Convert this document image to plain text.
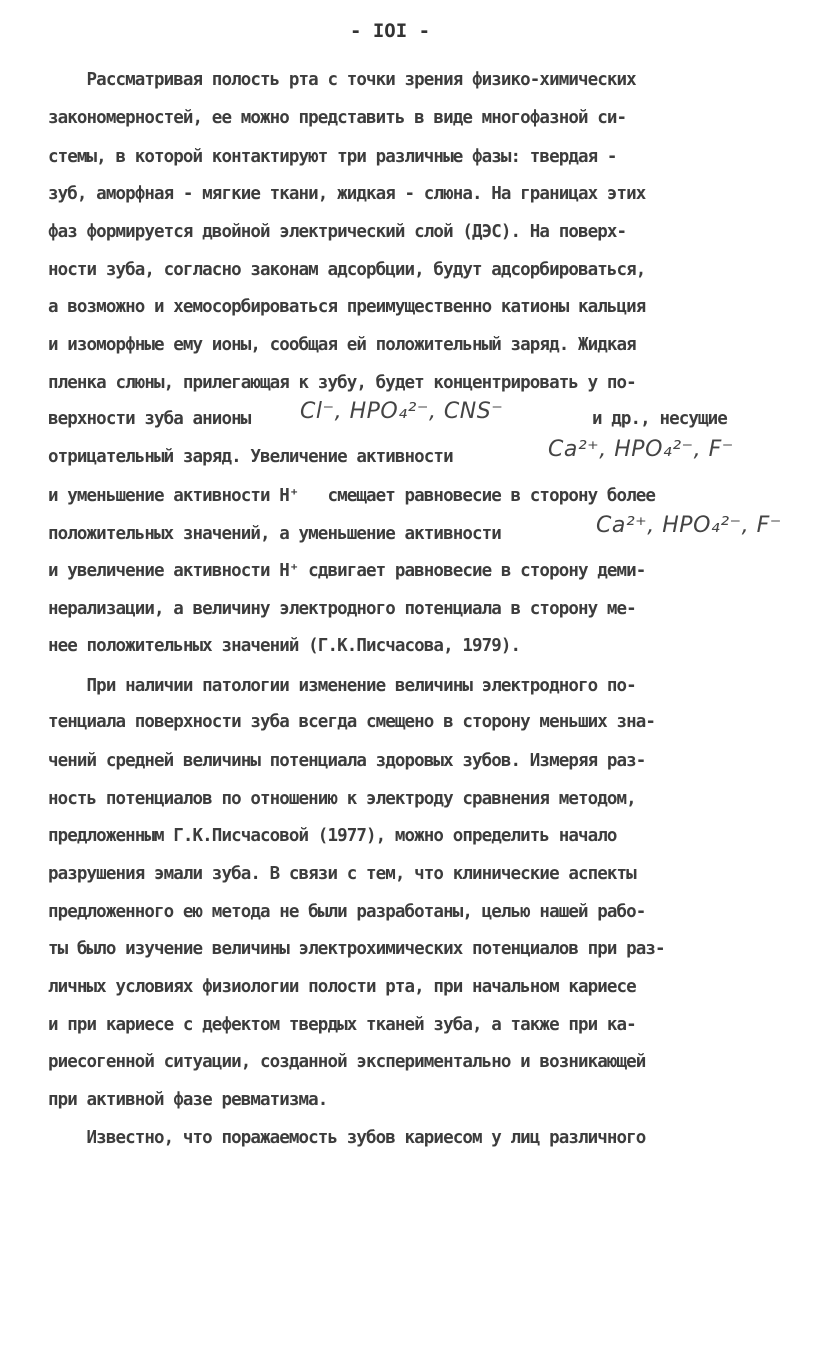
- IOI -
Рассматривая полость рта с точки зрения физико-химических
закономерностей, ее можно представить в виде многофазной си-
стемы, в которой контактируют три различные фазы: твердая -
зуб, аморфная - мягкие ткани, жидкая - слюна. На границах этих
фаз формируется двойной электрический слой (ДЭС). На поверх-
ности зуба, согласно законам адсорбции, будут адсорбироваться,
а возможно и хемосорбироваться преимущественно катионы кальция
и изоморфные ему ионы, сообщая ей положительный заряд. Жидкая
пленка слюны, прилегающая к зубу, будет концентрировать у по-
верхности зуба анионы Cl⁻, HPO₄²⁻, CNS⁻	и др., несущие
отрицательный заряд. Увеличение активности	Ca²⁺, HPO₄²⁻, F⁻
и уменьшение активности Н⁺   смещает равновесие в сторону более
положительных значений, а уменьшение активности	Ca²⁺, HPO₄²⁻, F⁻
и увеличение активности Н⁺ сдвигает равновесие в сторону деми-
нерализации, а величину электродного потенциала в сторону ме-
нее положительных значений (Г.К.Писчасова, 1979).
При наличии патологии изменение величины электродного по-
тенциала поверхности зуба всегда смещено в сторону меньших зна-
чений средней величины потенциала здоровых зубов. Измеряя раз-
ность потенциалов по отношению к электроду сравнения методом,
предложенным Г.К.Писчасовой (1977), можно определить начало
разрушения эмали зуба. В связи с тем, что клинические аспекты
предложенного ею метода не были разработаны, целью нашей рабо-
ты было изучение величины электрохимических потенциалов при раз-
личных условиях физиологии полости рта, при начальном кариесе
и при кариесе с дефектом твердых тканей зуба, а также при ка-
риесогенной ситуации, созданной экспериментально и возникающей
при активной фазе ревматизма.
Известно, что поражаемость зубов кариесом у лиц различного
